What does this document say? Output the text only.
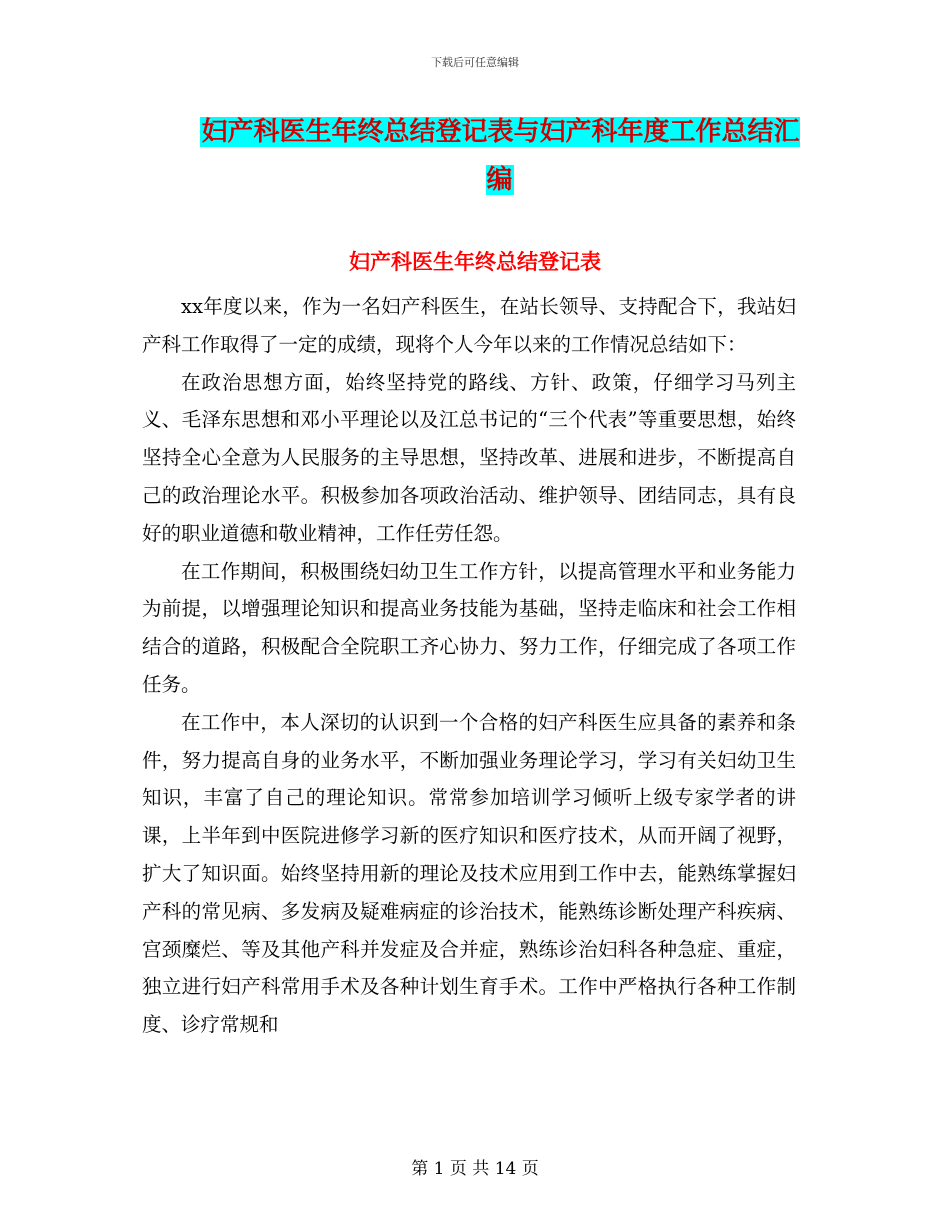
下载后可任意编辑
妇产科医生年终总结登记表与妇产科年度工作总结汇编
妇产科医生年终总结登记表

xx年度以来，作为一名妇产科医生，在站长领导、支持配合下，我站妇产科工作取得了一定的成绩，现将个人今年以来的工作情况总结如下：

在政治思想方面，始终坚持党的路线、方针、政策，仔细学习马列主义、毛泽东思想和邓小平理论以及江总书记的“三个代表”等重要思想，始终坚持全心全意为人民服务的主导思想，坚持改革、进展和进步，不断提高自己的政治理论水平。积极参加各项政治活动、维护领导、团结同志，具有良好的职业道德和敬业精神，工作任劳任怨。

在工作期间，积极围绕妇幼卫生工作方针，以提高管理水平和业务能力为前提，以增强理论知识和提高业务技能为基础，坚持走临床和社会工作相结合的道路，积极配合全院职工齐心协力、努力工作，仔细完成了各项工作任务。

在工作中，本人深切的认识到一个合格的妇产科医生应具备的素养和条件，努力提高自身的业务水平，不断加强业务理论学习，学习有关妇幼卫生知识，丰富了自己的理论知识。常常参加培训学习倾听上级专家学者的讲课，上半年到中医院进修学习新的医疗知识和医疗技术，从而开阔了视野，扩大了知识面。始终坚持用新的理论及技术应用到工作中去，能熟练掌握妇产科的常见病、多发病及疑难病症的诊治技术，能熟练诊断处理产科疾病、宫颈糜烂、等及其他产科并发症及合并症，熟练诊治妇科各种急症、重症，独立进行妇产科常用手术及各种计划生育手术。工作中严格执行各种工作制度、诊疗常规和

第 1 页 共 14 页
